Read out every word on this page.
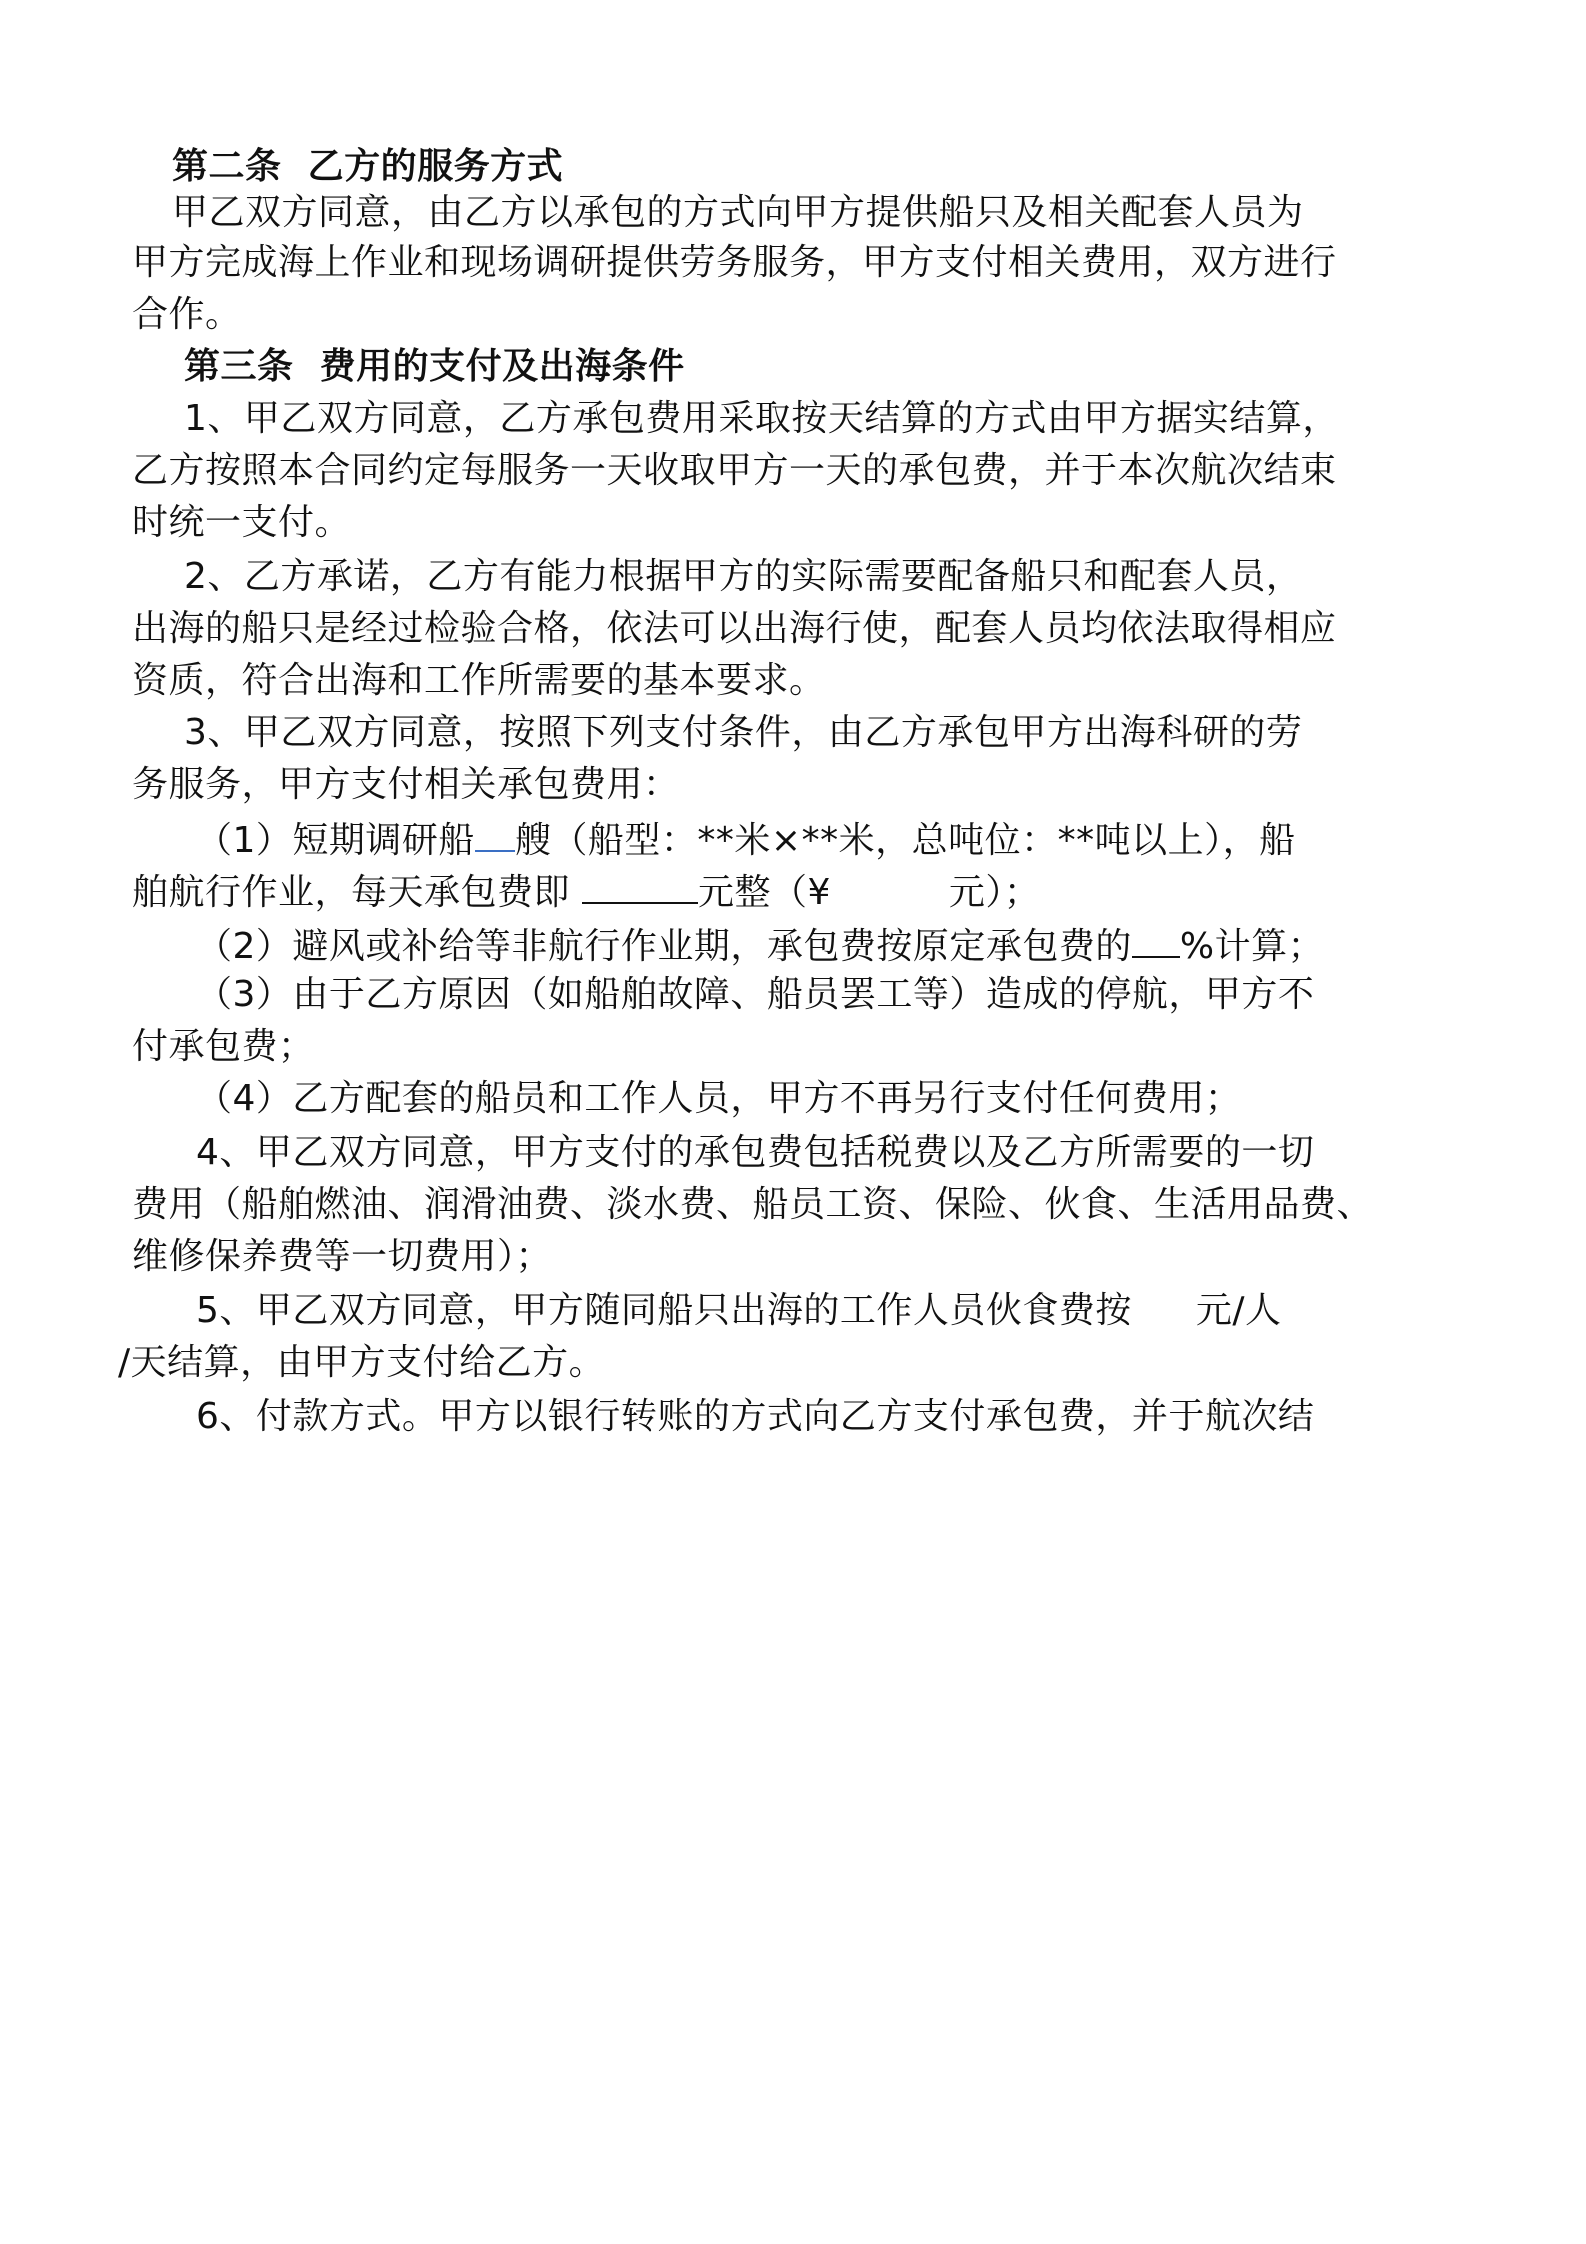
第二条  乙方的服务方式
甲乙双方同意，由乙方以承包的方式向甲方提供船只及相关配套人员为
甲方完成海上作业和现场调研提供劳务服务，甲方支付相关费用，双方进行
合作。
第三条  费用的支付及出海条件
1、甲乙双方同意，乙方承包费用采取按天结算的方式由甲方据实结算，
乙方按照本合同约定每服务一天收取甲方一天的承包费，并于本次航次结束
时统一支付。
2、乙方承诺，乙方有能力根据甲方的实际需要配备船只和配套人员，
出海的船只是经过检验合格，依法可以出海行使，配套人员均依法取得相应
资质，符合出海和工作所需要的基本要求。
3、甲乙双方同意，按照下列支付条件，由乙方承包甲方出海科研的劳
务服务，甲方支付相关承包费用：
（1）短期调研船 艘（船型：**米×**米，总吨位：**吨以上），船
舶航行作业，每天承包费即	元整（¥	元）；
（2）避风或补给等非航行作业期，承包费按原定承包费的 %计算；
（3）由于乙方原因（如船舶故障、船员罢工等）造成的停航，甲方不
付承包费；
（4）乙方配套的船员和工作人员，甲方不再另行支付任何费用；
4、甲乙双方同意，甲方支付的承包费包括税费以及乙方所需要的一切
费用（船舶燃油、润滑油费、淡水费、船员工资、保险、伙食、生活用品费、
维修保养费等一切费用）；
5、甲乙双方同意，甲方随同船只出海的工作人员伙食费按 元/人
/天结算，由甲方支付给乙方。
6、付款方式。甲方以银行转账的方式向乙方支付承包费，并于航次结
